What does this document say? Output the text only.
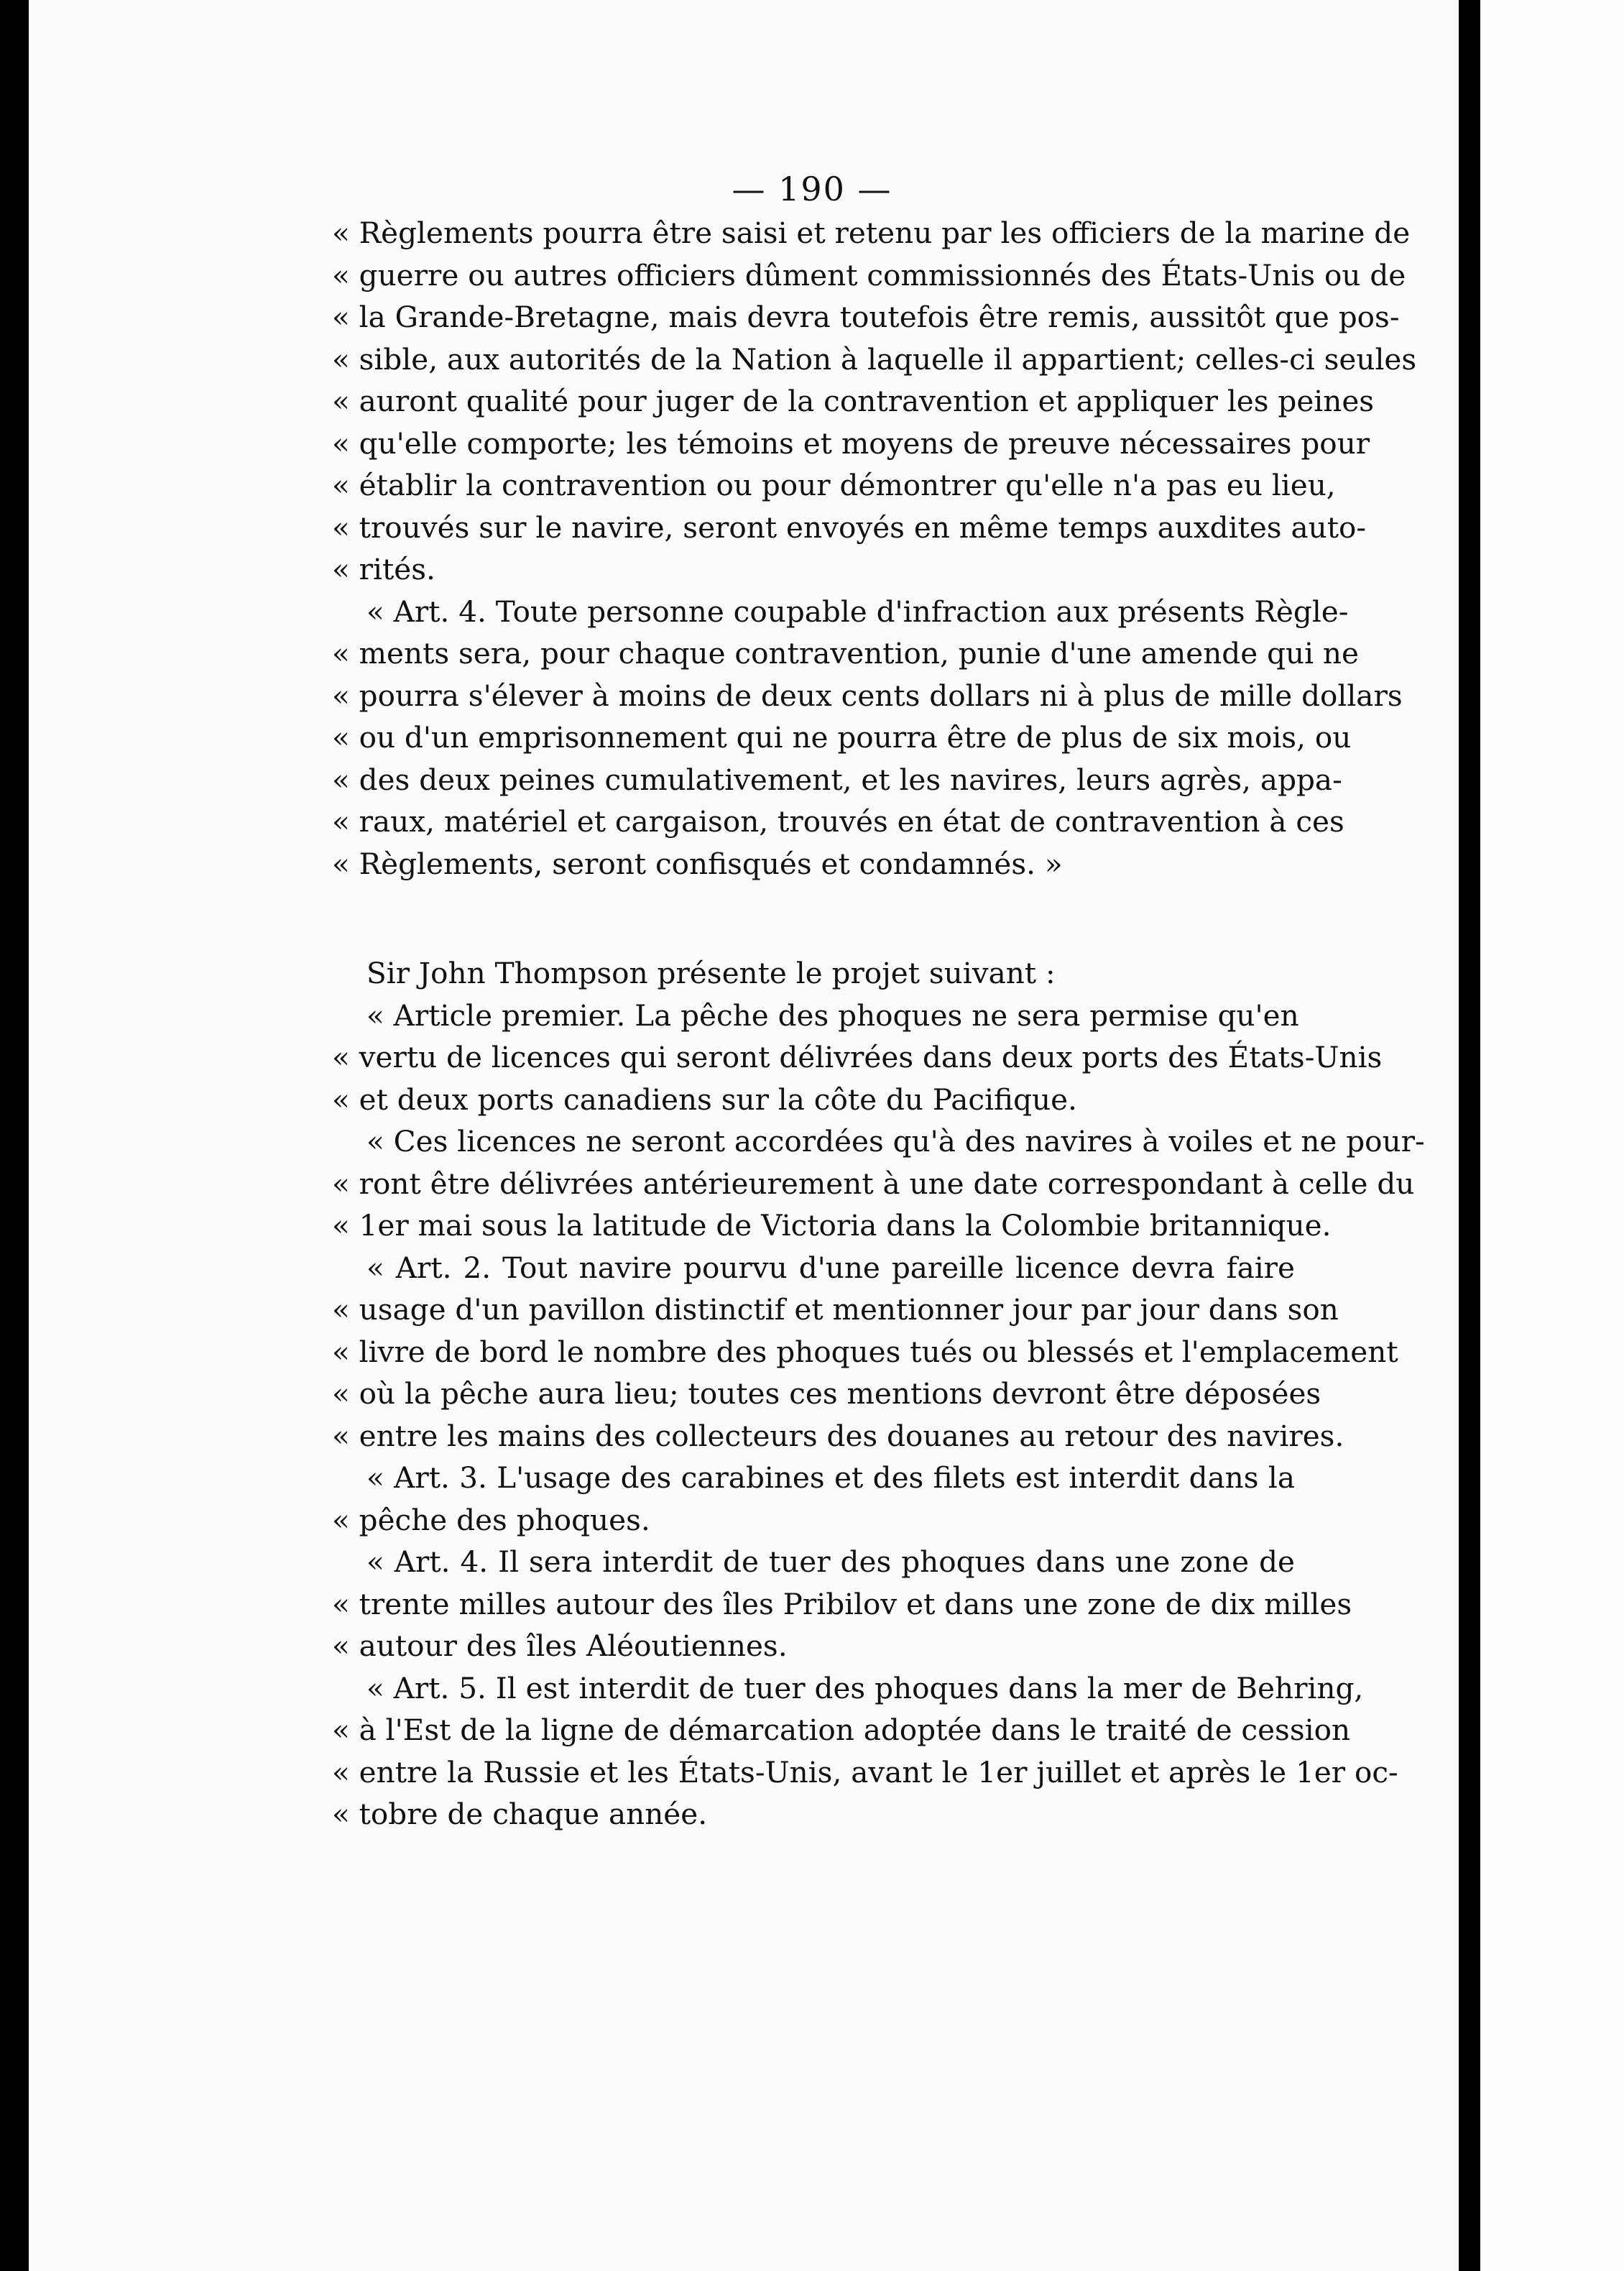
— 190 —
« Règlements pourra être saisi et retenu par les officiers de la marine de
« guerre ou autres officiers dûment commissionnés des États-Unis ou de
« la Grande-Bretagne, mais devra toutefois être remis, aussitôt que pos-
« sible, aux autorités de la Nation à laquelle il appartient; celles-ci seules
« auront qualité pour juger de la contravention et appliquer les peines
« qu'elle comporte; les témoins et moyens de preuve nécessaires pour
« établir la contravention ou pour démontrer qu'elle n'a pas eu lieu,
« trouvés sur le navire, seront envoyés en même temps auxdites auto-
« rités.
« Art. 4. Toute personne coupable d'infraction aux présents Règle-
« ments sera, pour chaque contravention, punie d'une amende qui ne
« pourra s'élever à moins de deux cents dollars ni à plus de mille dollars
« ou d'un emprisonnement qui ne pourra être de plus de six mois, ou
« des deux peines cumulativement, et les navires, leurs agrès, appa-
« raux, matériel et cargaison, trouvés en état de contravention à ces
« Règlements, seront confisqués et condamnés. »
Sir John Thompson présente le projet suivant :
« Article premier. La pêche des phoques ne sera permise qu'en
« vertu de licences qui seront délivrées dans deux ports des États-Unis
« et deux ports canadiens sur la côte du Pacifique.
« Ces licences ne seront accordées qu'à des navires à voiles et ne pour-
« ront être délivrées antérieurement à une date correspondant à celle du
« 1er mai sous la latitude de Victoria dans la Colombie britannique.
« Art. 2. Tout navire pourvu d'une pareille licence devra faire
« usage d'un pavillon distinctif et mentionner jour par jour dans son
« livre de bord le nombre des phoques tués ou blessés et l'emplacement
« où la pêche aura lieu; toutes ces mentions devront être déposées
« entre les mains des collecteurs des douanes au retour des navires.
« Art. 3. L'usage des carabines et des filets est interdit dans la
« pêche des phoques.
« Art. 4. Il sera interdit de tuer des phoques dans une zone de
« trente milles autour des îles Pribilov et dans une zone de dix milles
« autour des îles Aléoutiennes.
« Art. 5. Il est interdit de tuer des phoques dans la mer de Behring,
« à l'Est de la ligne de démarcation adoptée dans le traité de cession
« entre la Russie et les États-Unis, avant le 1er juillet et après le 1er oc-
« tobre de chaque année.
